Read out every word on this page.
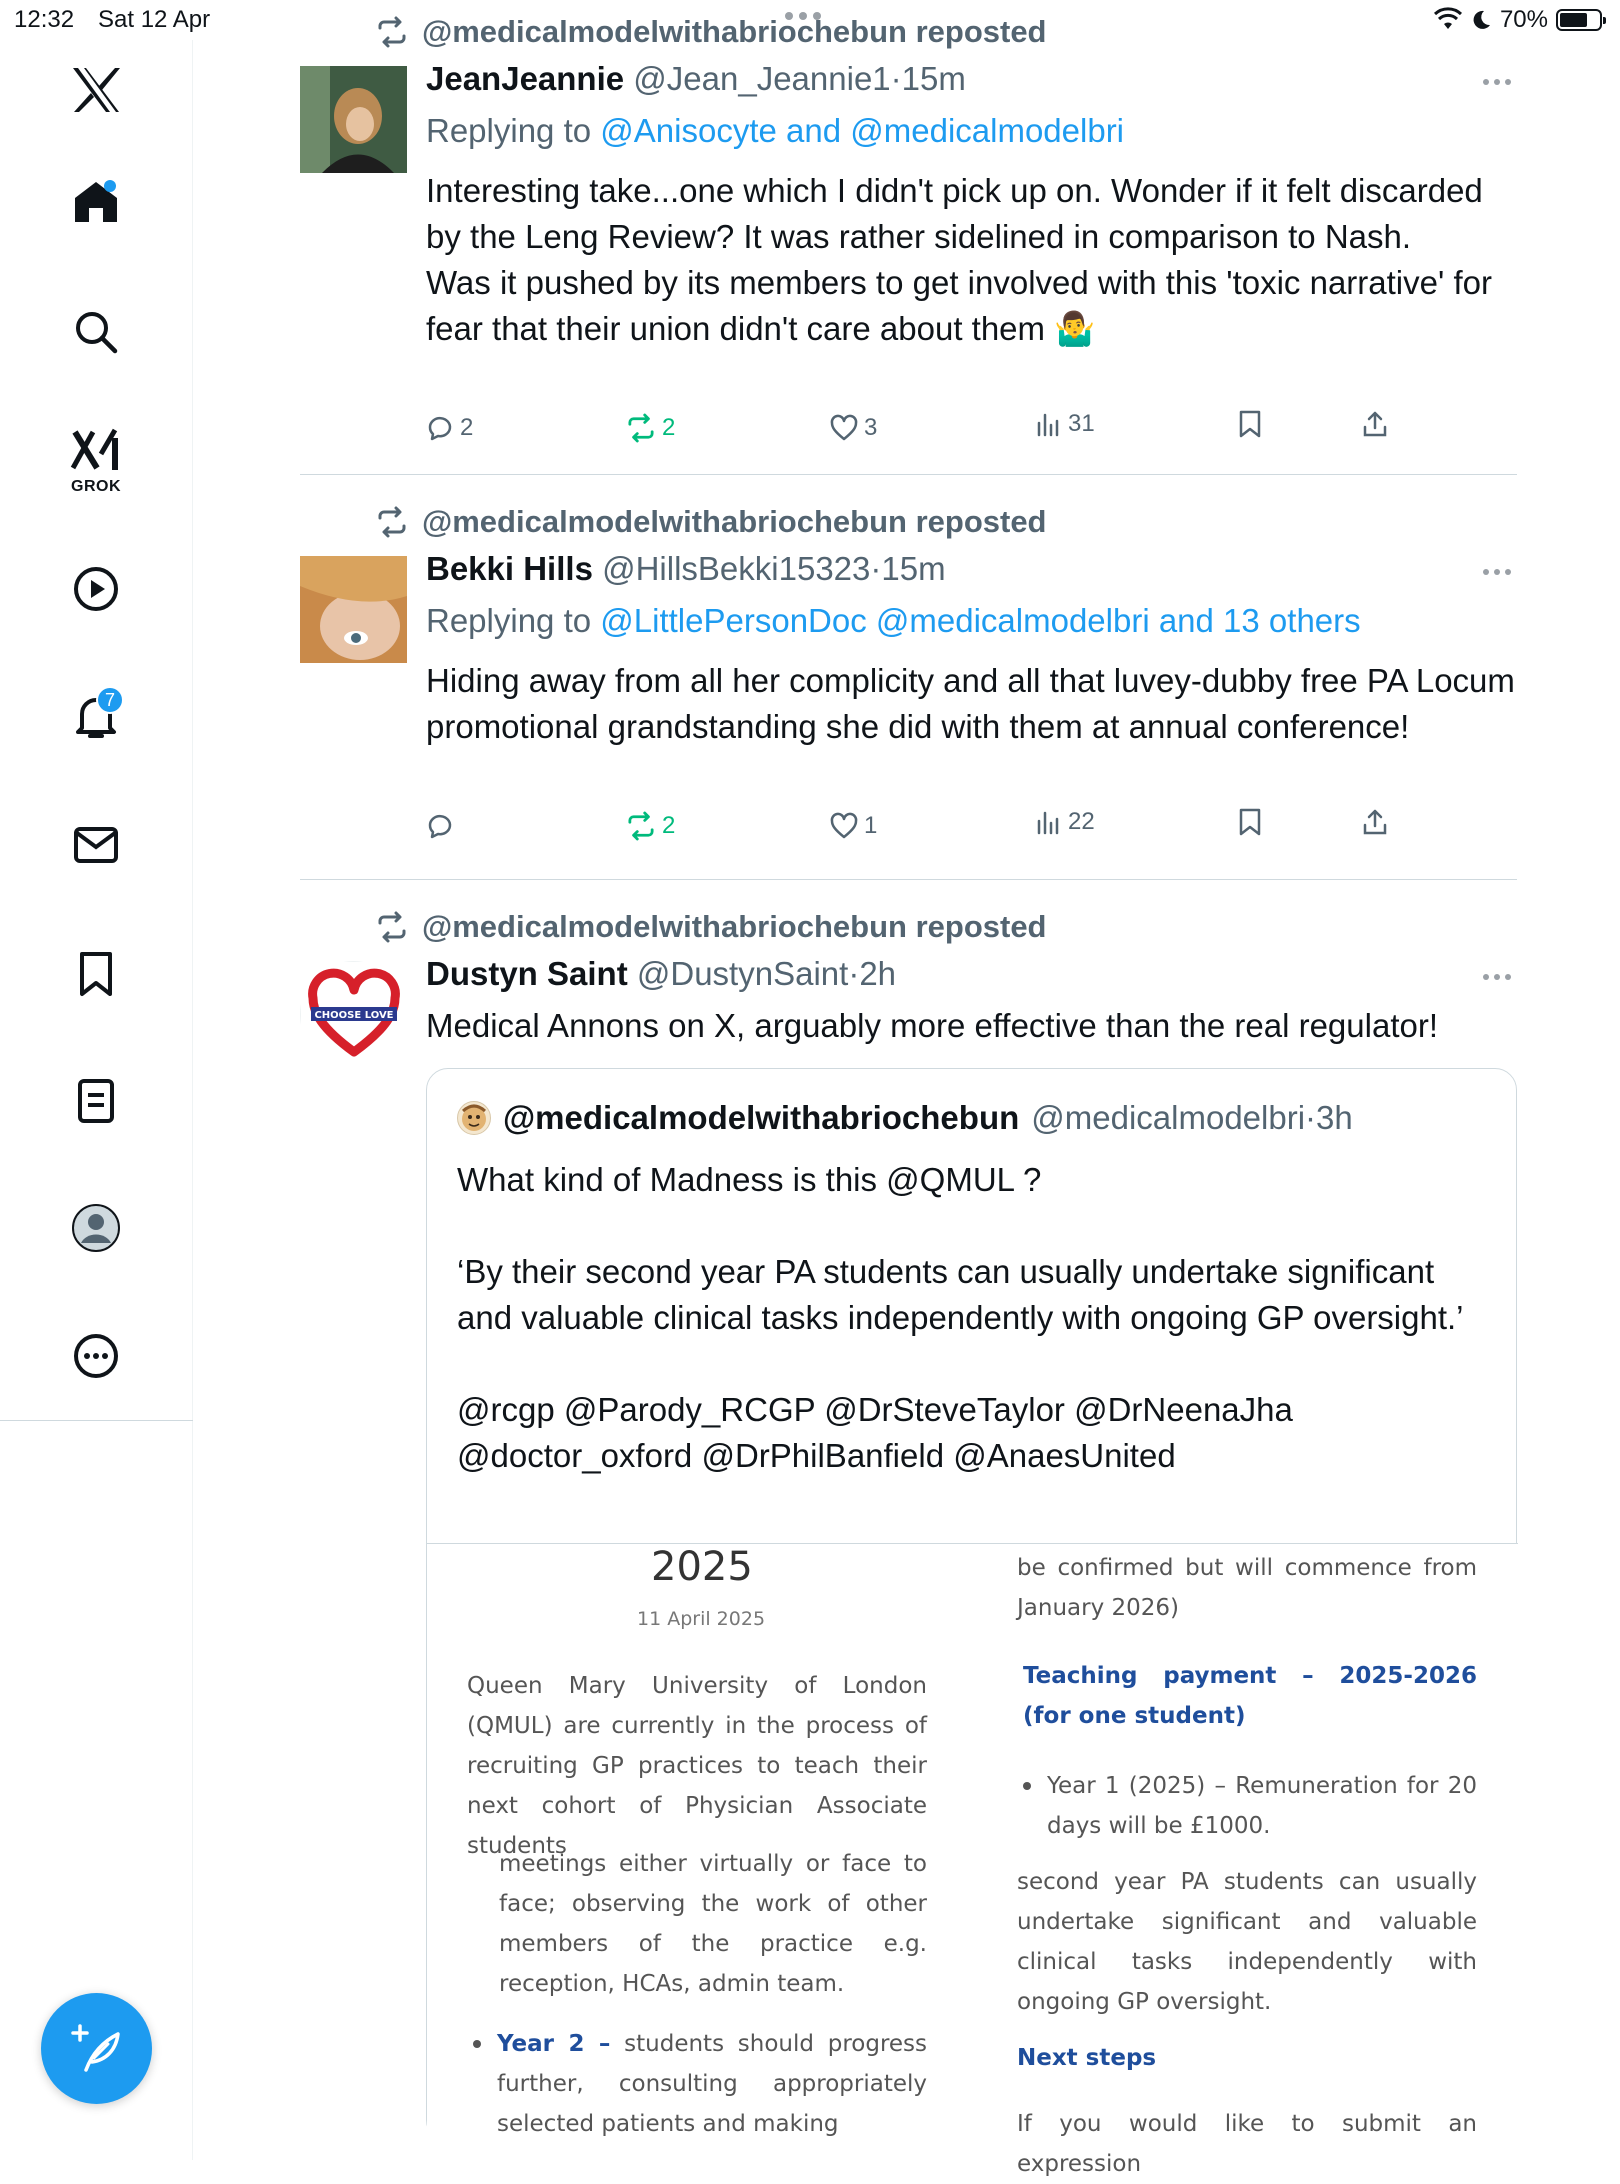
12:32 Sat 12 Apr	70%
GROK
7
@medicalmodelwithabriochebun reposted
JeanJeannie @Jean_Jeannie1·15m
Replying to @Anisocyte and @medicalmodelbri
Interesting take...one which I didn't pick up on. Wonder if it felt discarded by the Leng Review? It was rather sidelined in comparison to Nash.
Was it pushed by its members to get involved with this 'toxic narrative' for fear that their union didn't care about them 🤷‍♂️
2	2	3	31
@medicalmodelwithabriochebun reposted
Bekki Hills @HillsBekki15323·15m
Replying to @LittlePersonDoc @medicalmodelbri and 13 others
Hiding away from all her complicity and all that luvey-dubby free PA Locum promotional grandstanding she did with them at annual conference!
2	1	22
@medicalmodelwithabriochebun reposted
CHOOSE LOVE
Dustyn Saint @DustynSaint·2h
Medical Annons on X, arguably more effective than the real regulator!
@medicalmodelwithabriochebun @medicalmodelbri·3h

What kind of Madness is this @QMUL ?

‘By their second year PA students can usually undertake significant and valuable clinical tasks independently with ongoing GP oversight.’

@rcgp @Parody_RCGP @DrSteveTaylor @DrNeenaJha @doctor_oxford @DrPhilBanfield @AnaesUnited

2025
11 April 2025

Queen Mary University of London (QMUL) are currently in the process of recruiting GP practices to teach their next cohort of Physician Associate students

meetings either virtually or face to face; observing the work of other members of the practice e.g. reception, HCAs, admin team.

Year 2 – students should progress further, consulting appropriately selected patients and making

be confirmed but will commence from January 2026)

Teaching payment – 2025-2026 (for one student)

Year 1 (2025) – Remuneration for 20 days will be £1000.

second year PA students can usually undertake significant and valuable clinical tasks independently with ongoing GP oversight.

Next steps

If you would like to submit an expression
